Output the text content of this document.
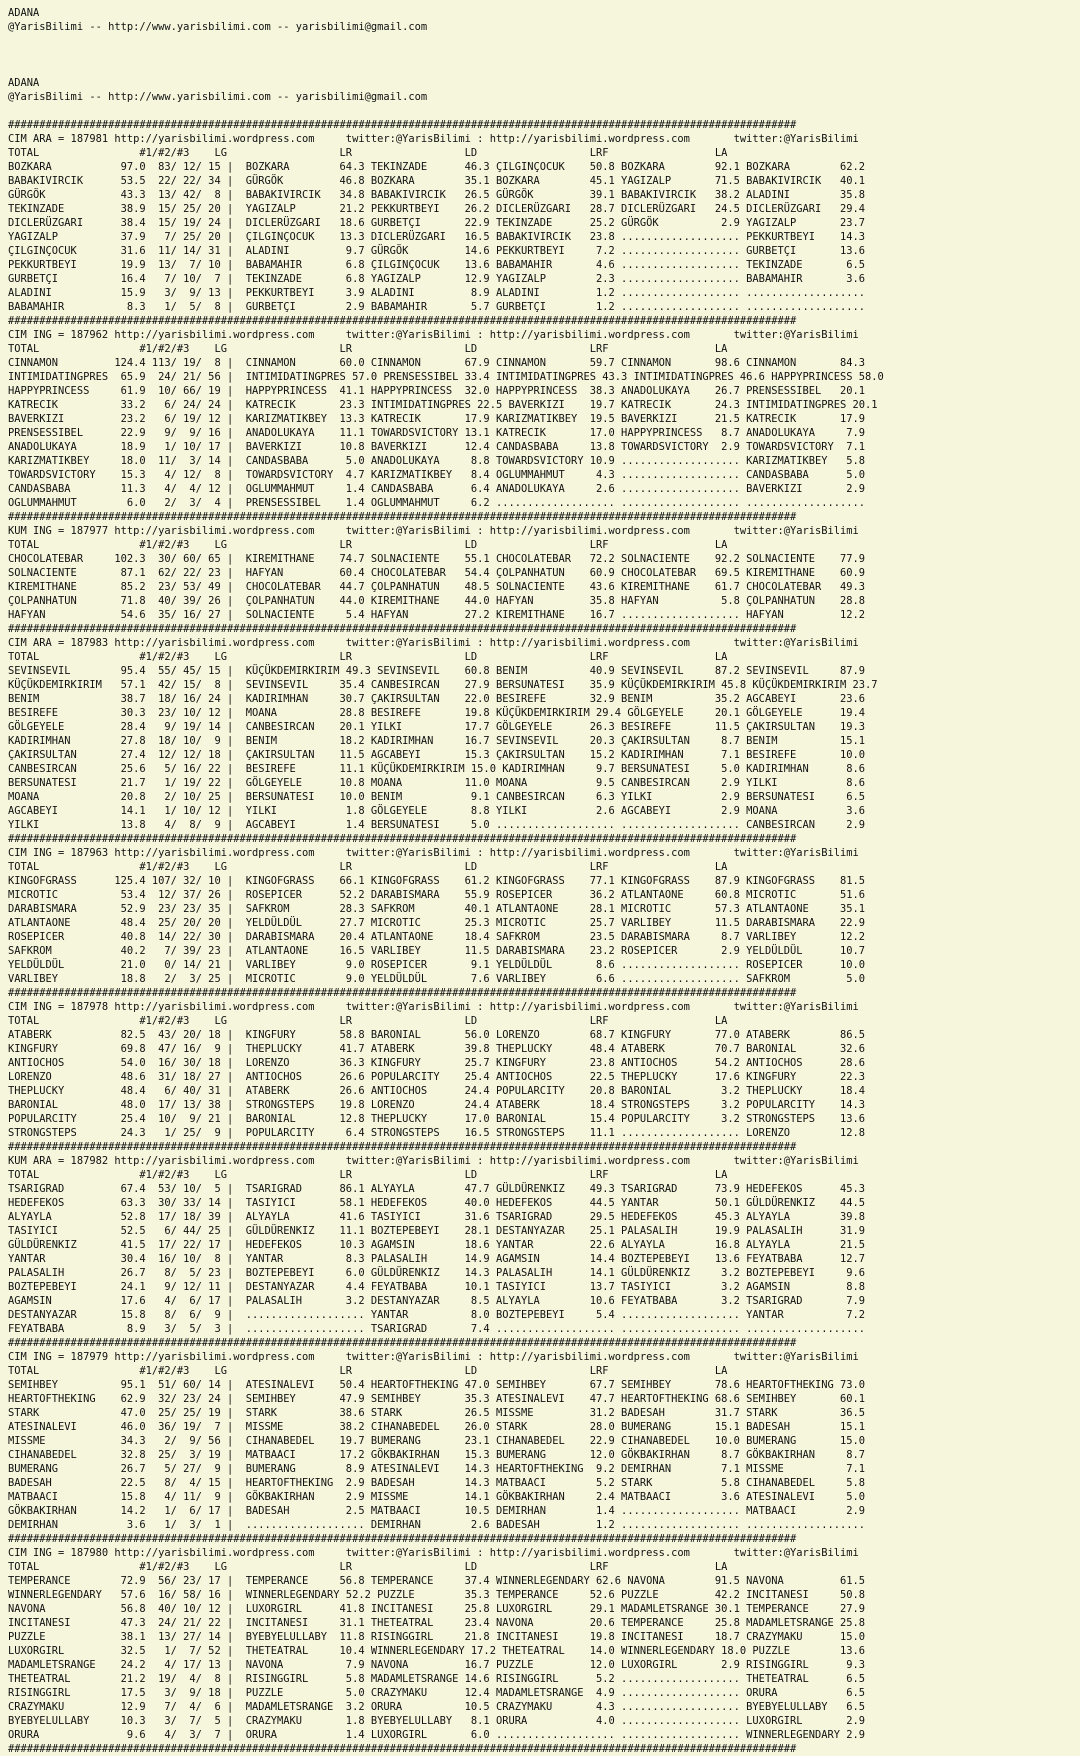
ADANA
@YarisBilimi -- http://www.yarisbilimi.com -- yarisbilimi@gmail.com
ADANA
@YarisBilimi -- http://www.yarisbilimi.com -- yarisbilimi@gmail.com
##############################################################################################################################
CIM ARA = 187981 http://yarisbilimi.wordpress.com     twitter:@YarisBilimi : http://yarisbilimi.wordpress.com       twitter:@YarisBilimi
TOTAL                #1/#2/#3    LG                  LR                  LD                  LRF                 LA
BOZKARA           97.0  83/ 12/ 15 |  BOZKARA        64.3 TEKINZADE      46.3 ÇILGINÇOCUK    50.8 BOZKARA        92.1 BOZKARA        62.2
BABAKIVIRCIK      53.5  22/ 22/ 34 |  GÜRGÖK         46.8 BOZKARA        35.1 BOZKARA        45.1 YAGIZALP       71.5 BABAKIVIRCIK   40.1
GÜRGÖK            43.3  13/ 42/  8 |  BABAKIVIRCIK   34.8 BABAKIVIRCIK   26.5 GÜRGÖK         39.1 BABAKIVIRCIK   38.2 ALADINI        35.8
TEKINZADE         38.9  15/ 25/ 20 |  YAGIZALP       21.2 PEKKURTBEYI    26.2 DICLERÜZGARI   28.7 DICLERÜZGARI   24.5 DICLERÜZGARI   29.4
DICLERÜZGARI      38.4  15/ 19/ 24 |  DICLERÜZGARI   18.6 GURBETÇI       22.9 TEKINZADE      25.2 GÜRGÖK          2.9 YAGIZALP       23.7
YAGIZALP          37.9   7/ 25/ 20 |  ÇILGINÇOCUK    13.3 DICLERÜZGARI   16.5 BABAKIVIRCIK   23.8 ................... PEKKURTBEYI    14.3
ÇILGINÇOCUK       31.6  11/ 14/ 31 |  ALADINI         9.7 GÜRGÖK         14.6 PEKKURTBEYI     7.2 ................... GURBETÇI       13.6
PEKKURTBEYI       19.9  13/  7/ 10 |  BABAMAHIR       6.8 ÇILGINÇOCUK    13.6 BABAMAHIR       4.6 ................... TEKINZADE       6.5
GURBETÇI          16.4   7/ 10/  7 |  TEKINZADE       6.8 YAGIZALP       12.9 YAGIZALP        2.3 ................... BABAMAHIR       3.6
ALADINI           15.9   3/  9/ 13 |  PEKKURTBEYI     3.9 ALADINI         8.9 ALADINI         1.2 ................... ...................
BABAMAHIR          8.3   1/  5/  8 |  GURBETÇI        2.9 BABAMAHIR       5.7 GURBETÇI        1.2 ................... ...................
##############################################################################################################################
CIM ING = 187962 http://yarisbilimi.wordpress.com     twitter:@YarisBilimi : http://yarisbilimi.wordpress.com       twitter:@YarisBilimi
TOTAL                #1/#2/#3    LG                  LR                  LD                  LRF                 LA
CINNAMON         124.4 113/ 19/  8 |  CINNAMON       60.0 CINNAMON       67.9 CINNAMON       59.7 CINNAMON       98.6 CINNAMON       84.3
INTIMIDATINGPRES  65.9  24/ 21/ 56 |  INTIMIDATINGPRES 57.0 PRENSESSIBEL 33.4 INTIMIDATINGPRES 43.3 INTIMIDATINGPRES 46.6 HAPPYPRINCESS 58.0
HAPPYPRINCESS     61.9  10/ 66/ 19 |  HAPPYPRINCESS  41.1 HAPPYPRINCESS  32.0 HAPPYPRINCESS  38.3 ANADOLUKAYA    26.7 PRENSESSIBEL   20.1
KATRECIK          33.2   6/ 24/ 24 |  KATRECIK       23.3 INTIMIDATINGPRES 22.5 BAVERKIZI    19.7 KATRECIK       24.3 INTIMIDATINGPRES 20.1
BAVERKIZI         23.2   6/ 19/ 12 |  KARIZMATIKBEY  13.3 KATRECIK       17.9 KARIZMATIKBEY  19.5 BAVERKIZI      21.5 KATRECIK       17.9
PRENSESSIBEL      22.9   9/  9/ 16 |  ANADOLUKAYA    11.1 TOWARDSVICTORY 13.1 KATRECIK       17.0 HAPPYPRINCESS   8.7 ANADOLUKAYA     7.9
ANADOLUKAYA       18.9   1/ 10/ 17 |  BAVERKIZI      10.8 BAVERKIZI      12.4 CANDASBABA     13.8 TOWARDSVICTORY  2.9 TOWARDSVICTORY  7.1
KARIZMATIKBEY     18.0  11/  3/ 14 |  CANDASBABA      5.0 ANADOLUKAYA     8.8 TOWARDSVICTORY 10.9 ................... KARIZMATIKBEY   5.8
TOWARDSVICTORY    15.3   4/ 12/  8 |  TOWARDSVICTORY  4.7 KARIZMATIKBEY   8.4 OGLUMMAHMUT     4.3 ................... CANDASBABA      5.0
CANDASBABA        11.3   4/  4/ 12 |  OGLUMMAHMUT     1.4 CANDASBABA      6.4 ANADOLUKAYA     2.6 ................... BAVERKIZI       2.9
OGLUMMAHMUT        6.0   2/  3/  4 |  PRENSESSIBEL    1.4 OGLUMMAHMUT     6.2 ................... ................... ...................
##############################################################################################################################
KUM ING = 187977 http://yarisbilimi.wordpress.com     twitter:@YarisBilimi : http://yarisbilimi.wordpress.com       twitter:@YarisBilimi
TOTAL                #1/#2/#3    LG                  LR                  LD                  LRF                 LA
CHOCOLATEBAR     102.3  30/ 60/ 65 |  KIREMITHANE    74.7 SOLNACIENTE    55.1 CHOCOLATEBAR   72.2 SOLNACIENTE    92.2 SOLNACIENTE    77.9
SOLNACIENTE       87.1  62/ 22/ 23 |  HAFYAN         60.4 CHOCOLATEBAR   54.4 ÇOLPANHATUN    60.9 CHOCOLATEBAR   69.5 KIREMITHANE    60.9
KIREMITHANE       85.2  23/ 53/ 49 |  CHOCOLATEBAR   44.7 ÇOLPANHATUN    48.5 SOLNACIENTE    43.6 KIREMITHANE    61.7 CHOCOLATEBAR   49.3
ÇOLPANHATUN       71.8  40/ 39/ 26 |  ÇOLPANHATUN    44.0 KIREMITHANE    44.0 HAFYAN         35.8 HAFYAN          5.8 ÇOLPANHATUN    28.8
HAFYAN            54.6  35/ 16/ 27 |  SOLNACIENTE     5.4 HAFYAN         27.2 KIREMITHANE    16.7 ................... HAFYAN         12.2
##############################################################################################################################
CIM ARA = 187983 http://yarisbilimi.wordpress.com     twitter:@YarisBilimi : http://yarisbilimi.wordpress.com       twitter:@YarisBilimi
TOTAL                #1/#2/#3    LG                  LR                  LD                  LRF                 LA
SEVINSEVIL        95.4  55/ 45/ 15 |  KÜÇÜKDEMIRKIRIM 49.3 SEVINSEVIL    60.8 BENIM          40.9 SEVINSEVIL     87.2 SEVINSEVIL     87.9
KÜÇÜKDEMIRKIRIM   57.1  42/ 15/  8 |  SEVINSEVIL     35.4 CANBESIRCAN    27.9 BERSUNATESI    35.9 KÜÇÜKDEMIRKIRIM 45.8 KÜÇÜKDEMIRKIRIM 23.7
BENIM             38.7  18/ 16/ 24 |  KADIRIMHAN     30.7 ÇAKIRSULTAN    22.0 BESIREFE       32.9 BENIM          35.2 AGCABEYI       23.6
BESIREFE          30.3  23/ 10/ 12 |  MOANA          28.8 BESIREFE       19.8 KÜÇÜKDEMIRKIRIM 29.4 GÖLGEYELE     20.1 GÖLGEYELE      19.4
GÖLGEYELE         28.4   9/ 19/ 14 |  CANBESIRCAN    20.1 YILKI          17.7 GÖLGEYELE      26.3 BESIREFE       11.5 ÇAKIRSULTAN    19.3
KADIRIMHAN        27.8  18/ 10/  9 |  BENIM          18.2 KADIRIMHAN     16.7 SEVINSEVIL     20.3 ÇAKIRSULTAN     8.7 BENIM          15.1
ÇAKIRSULTAN       27.4  12/ 12/ 18 |  ÇAKIRSULTAN    11.5 AGCABEYI       15.3 ÇAKIRSULTAN    15.2 KADIRIMHAN      7.1 BESIREFE       10.0
CANBESIRCAN       25.6   5/ 16/ 22 |  BESIREFE       11.1 KÜÇÜKDEMIRKIRIM 15.0 KADIRIMHAN     9.7 BERSUNATESI     5.0 KADIRIMHAN      8.6
BERSUNATESI       21.7   1/ 19/ 22 |  GÖLGEYELE      10.8 MOANA          11.0 MOANA           9.5 CANBESIRCAN     2.9 YILKI           8.6
MOANA             20.8   2/ 10/ 25 |  BERSUNATESI    10.0 BENIM           9.1 CANBESIRCAN     6.3 YILKI           2.9 BERSUNATESI     6.5
AGCABEYI          14.1   1/ 10/ 12 |  YILKI           1.8 GÖLGEYELE       8.8 YILKI           2.6 AGCABEYI        2.9 MOANA           3.6
YILKI             13.8   4/  8/  9 |  AGCABEYI        1.4 BERSUNATESI     5.0 ................... ................... CANBESIRCAN     2.9
##############################################################################################################################
CIM ING = 187963 http://yarisbilimi.wordpress.com     twitter:@YarisBilimi : http://yarisbilimi.wordpress.com       twitter:@YarisBilimi
TOTAL                #1/#2/#3    LG                  LR                  LD                  LRF                 LA
KINGOFGRASS      125.4 107/ 32/ 10 |  KINGOFGRASS    66.1 KINGOFGRASS    61.2 KINGOFGRASS    77.1 KINGOFGRASS    87.9 KINGOFGRASS    81.5
MICROTIC          53.4  12/ 37/ 26 |  ROSEPICER      52.2 DARABISMARA    55.9 ROSEPICER      36.2 ATLANTAONE     60.8 MICROTIC       51.6
DARABISMARA       52.9  23/ 23/ 35 |  SAFKROM        28.3 SAFKROM        40.1 ATLANTAONE     28.1 MICROTIC       57.3 ATLANTAONE     35.1
ATLANTAONE        48.4  25/ 20/ 20 |  YELDÜLDÜL      27.7 MICROTIC       25.3 MICROTIC       25.7 VARLIBEY       11.5 DARABISMARA    22.9
ROSEPICER         40.8  14/ 22/ 30 |  DARABISMARA    20.4 ATLANTAONE     18.4 SAFKROM        23.5 DARABISMARA     8.7 VARLIBEY       12.2
SAFKROM           40.2   7/ 39/ 23 |  ATLANTAONE     16.5 VARLIBEY       11.5 DARABISMARA    23.2 ROSEPICER       2.9 YELDÜLDÜL      10.7
YELDÜLDÜL         21.0   0/ 14/ 21 |  VARLIBEY        9.0 ROSEPICER       9.1 YELDÜLDÜL       8.6 ................... ROSEPICER      10.0
VARLIBEY          18.8   2/  3/ 25 |  MICROTIC        9.0 YELDÜLDÜL       7.6 VARLIBEY        6.6 ................... SAFKROM         5.0
##############################################################################################################################
CIM ING = 187978 http://yarisbilimi.wordpress.com     twitter:@YarisBilimi : http://yarisbilimi.wordpress.com       twitter:@YarisBilimi
TOTAL                #1/#2/#3    LG                  LR                  LD                  LRF                 LA
ATABERK           82.5  43/ 20/ 18 |  KINGFURY       58.8 BARONIAL       56.0 LORENZO        68.7 KINGFURY       77.0 ATABERK        86.5
KINGFURY          69.8  47/ 16/  9 |  THEPLUCKY      41.7 ATABERK        39.8 THEPLUCKY      48.4 ATABERK        70.7 BARONIAL       32.6
ANTIOCHOS         54.0  16/ 30/ 18 |  LORENZO        36.3 KINGFURY       25.7 KINGFURY       23.8 ANTIOCHOS      54.2 ANTIOCHOS      28.6
LORENZO           48.6  31/ 18/ 27 |  ANTIOCHOS      26.6 POPULARCITY    25.4 ANTIOCHOS      22.5 THEPLUCKY      17.6 KINGFURY       22.3
THEPLUCKY         48.4   6/ 40/ 31 |  ATABERK        26.6 ANTIOCHOS      24.4 POPULARCITY    20.8 BARONIAL        3.2 THEPLUCKY      18.4
BARONIAL          48.0  17/ 13/ 38 |  STRONGSTEPS    19.8 LORENZO        24.4 ATABERK        18.4 STRONGSTEPS     3.2 POPULARCITY    14.3
POPULARCITY       25.4  10/  9/ 21 |  BARONIAL       12.8 THEPLUCKY      17.0 BARONIAL       15.4 POPULARCITY     3.2 STRONGSTEPS    13.6
STRONGSTEPS       24.3   1/ 25/  9 |  POPULARCITY     6.4 STRONGSTEPS    16.5 STRONGSTEPS    11.1 ................... LORENZO        12.8
##############################################################################################################################
KUM ARA = 187982 http://yarisbilimi.wordpress.com     twitter:@YarisBilimi : http://yarisbilimi.wordpress.com       twitter:@YarisBilimi
TOTAL                #1/#2/#3    LG                  LR                  LD                  LRF                 LA
TSARIGRAD         67.4  53/ 10/  5 |  TSARIGRAD      86.1 ALYAYLA        47.7 GÜLDÜRENKIZ    49.3 TSARIGRAD      73.9 HEDEFEKOS      45.3
HEDEFEKOS         63.3  30/ 33/ 14 |  TASIYICI       58.1 HEDEFEKOS      40.0 HEDEFEKOS      44.5 YANTAR         50.1 GÜLDÜRENKIZ    44.5
ALYAYLA           52.8  17/ 18/ 39 |  ALYAYLA        41.6 TASIYICI       31.6 TSARIGRAD      29.5 HEDEFEKOS      45.3 ALYAYLA        39.8
TASIYICI          52.5   6/ 44/ 25 |  GÜLDÜRENKIZ    11.1 BOZTEPEBEYI    28.1 DESTANYAZAR    25.1 PALASALIH      19.9 PALASALIH      31.9
GÜLDÜRENKIZ       41.5  17/ 22/ 17 |  HEDEFEKOS      10.3 AGAMSIN        18.6 YANTAR         22.6 ALYAYLA        16.8 ALYAYLA        21.5
YANTAR            30.4  16/ 10/  8 |  YANTAR          8.3 PALASALIH      14.9 AGAMSIN        14.4 BOZTEPEBEYI    13.6 FEYATBABA      12.7
PALASALIH         26.7   8/  5/ 23 |  BOZTEPEBEYI     6.0 GÜLDÜRENKIZ    14.3 PALASALIH      14.1 GÜLDÜRENKIZ     3.2 BOZTEPEBEYI     9.6
BOZTEPEBEYI       24.1   9/ 12/ 11 |  DESTANYAZAR     4.4 FEYATBABA      10.1 TASIYICI       13.7 TASIYICI        3.2 AGAMSIN         8.8
AGAMSIN           17.6   4/  6/ 17 |  PALASALIH       3.2 DESTANYAZAR     8.5 ALYAYLA        10.6 FEYATBABA       3.2 TSARIGRAD       7.9
DESTANYAZAR       15.8   8/  6/  9 |  ................... YANTAR          8.0 BOZTEPEBEYI     5.4 ................... YANTAR          7.2
FEYATBABA          8.9   3/  5/  3 |  ................... TSARIGRAD       7.4 ................... ................... ...................
##############################################################################################################################
CIM ING = 187979 http://yarisbilimi.wordpress.com     twitter:@YarisBilimi : http://yarisbilimi.wordpress.com       twitter:@YarisBilimi
TOTAL                #1/#2/#3    LG                  LR                  LD                  LRF                 LA
SEMIHBEY          95.1  51/ 60/ 14 |  ATESINALEVI    50.4 HEARTOFTHEKING 47.0 SEMIHBEY       67.7 SEMIHBEY       78.6 HEARTOFTHEKING 73.0
HEARTOFTHEKING    62.9  32/ 23/ 24 |  SEMIHBEY       47.9 SEMIHBEY       35.3 ATESINALEVI    47.7 HEARTOFTHEKING 68.6 SEMIHBEY       60.1
STARK             47.0  25/ 25/ 19 |  STARK          38.6 STARK          26.5 MISSME         31.2 BADESAH        31.7 STARK          36.5
ATESINALEVI       46.0  36/ 19/  7 |  MISSME         38.2 CIHANABEDEL    26.0 STARK          28.0 BUMERANG       15.1 BADESAH        15.1
MISSME            34.3   2/  9/ 56 |  CIHANABEDEL    19.7 BUMERANG       23.1 CIHANABEDEL    22.9 CIHANABEDEL    10.0 BUMERANG       15.0
CIHANABEDEL       32.8  25/  3/ 19 |  MATBAACI       17.2 GÖKBAKIRHAN    15.3 BUMERANG       12.0 GÖKBAKIRHAN     8.7 GÖKBAKIRHAN     8.7
BUMERANG          26.7   5/ 27/  9 |  BUMERANG        8.9 ATESINALEVI    14.3 HEARTOFTHEKING  9.2 DEMIRHAN        7.1 MISSME          7.1
BADESAH           22.5   8/  4/ 15 |  HEARTOFTHEKING  2.9 BADESAH        14.3 MATBAACI        5.2 STARK           5.8 CIHANABEDEL     5.8
MATBAACI          15.8   4/ 11/  9 |  GÖKBAKIRHAN     2.9 MISSME         14.1 GÖKBAKIRHAN     2.4 MATBAACI        3.6 ATESINALEVI     5.0
GÖKBAKIRHAN       14.2   1/  6/ 17 |  BADESAH         2.5 MATBAACI       10.5 DEMIRHAN        1.4 ................... MATBAACI        2.9
DEMIRHAN           3.6   1/  3/  1 |  ................... DEMIRHAN        2.6 BADESAH         1.2 ................... ...................
##############################################################################################################################
CIM ING = 187980 http://yarisbilimi.wordpress.com     twitter:@YarisBilimi : http://yarisbilimi.wordpress.com       twitter:@YarisBilimi
TOTAL                #1/#2/#3    LG                  LR                  LD                  LRF                 LA
TEMPERANCE        72.9  56/ 23/ 17 |  TEMPERANCE     56.8 TEMPERANCE     37.4 WINNERLEGENDARY 62.6 NAVONA        91.5 NAVONA         61.5
WINNERLEGENDARY   57.6  16/ 58/ 16 |  WINNERLEGENDARY 52.2 PUZZLE        35.3 TEMPERANCE     52.6 PUZZLE         42.2 INCITANESI     50.8
NAVONA            56.8  40/ 10/ 12 |  LUXORGIRL      41.8 INCITANESI     25.8 LUXORGIRL      29.1 MADAMLETSRANGE 30.1 TEMPERANCE     27.9
INCITANESI        47.3  24/ 21/ 22 |  INCITANESI     31.1 THETEATRAL     23.4 NAVONA         20.6 TEMPERANCE     25.8 MADAMLETSRANGE 25.8
PUZZLE            38.1  13/ 27/ 14 |  BYEBYELULLABY  11.8 RISINGGIRL     21.8 INCITANESI     19.8 INCITANESI     18.7 CRAZYMAKU      15.0
LUXORGIRL         32.5   1/  7/ 52 |  THETEATRAL     10.4 WINNERLEGENDARY 17.2 THETEATRAL    14.0 WINNERLEGENDARY 18.0 PUZZLE        13.6
MADAMLETSRANGE    24.2   4/ 17/ 13 |  NAVONA          7.9 NAVONA         16.7 PUZZLE         12.0 LUXORGIRL       2.9 RISINGGIRL      9.3
THETEATRAL        21.2  19/  4/  8 |  RISINGGIRL      5.8 MADAMLETSRANGE 14.6 RISINGGIRL      5.2 ................... THETEATRAL      6.5
RISINGGIRL        17.5   3/  9/ 18 |  PUZZLE          5.0 CRAZYMAKU      12.4 MADAMLETSRANGE  4.9 ................... ORURA           6.5
CRAZYMAKU         12.9   7/  4/  6 |  MADAMLETSRANGE  3.2 ORURA          10.5 CRAZYMAKU       4.3 ................... BYEBYELULLABY   6.5
BYEBYELULLABY     10.3   3/  7/  5 |  CRAZYMAKU       1.8 BYEBYELULLABY   8.1 ORURA           4.0 ................... LUXORGIRL       2.9
ORURA              9.6   4/  3/  7 |  ORURA           1.4 LUXORGIRL       6.0 ................... ................... WINNERLEGENDARY 2.9
##############################################################################################################################
